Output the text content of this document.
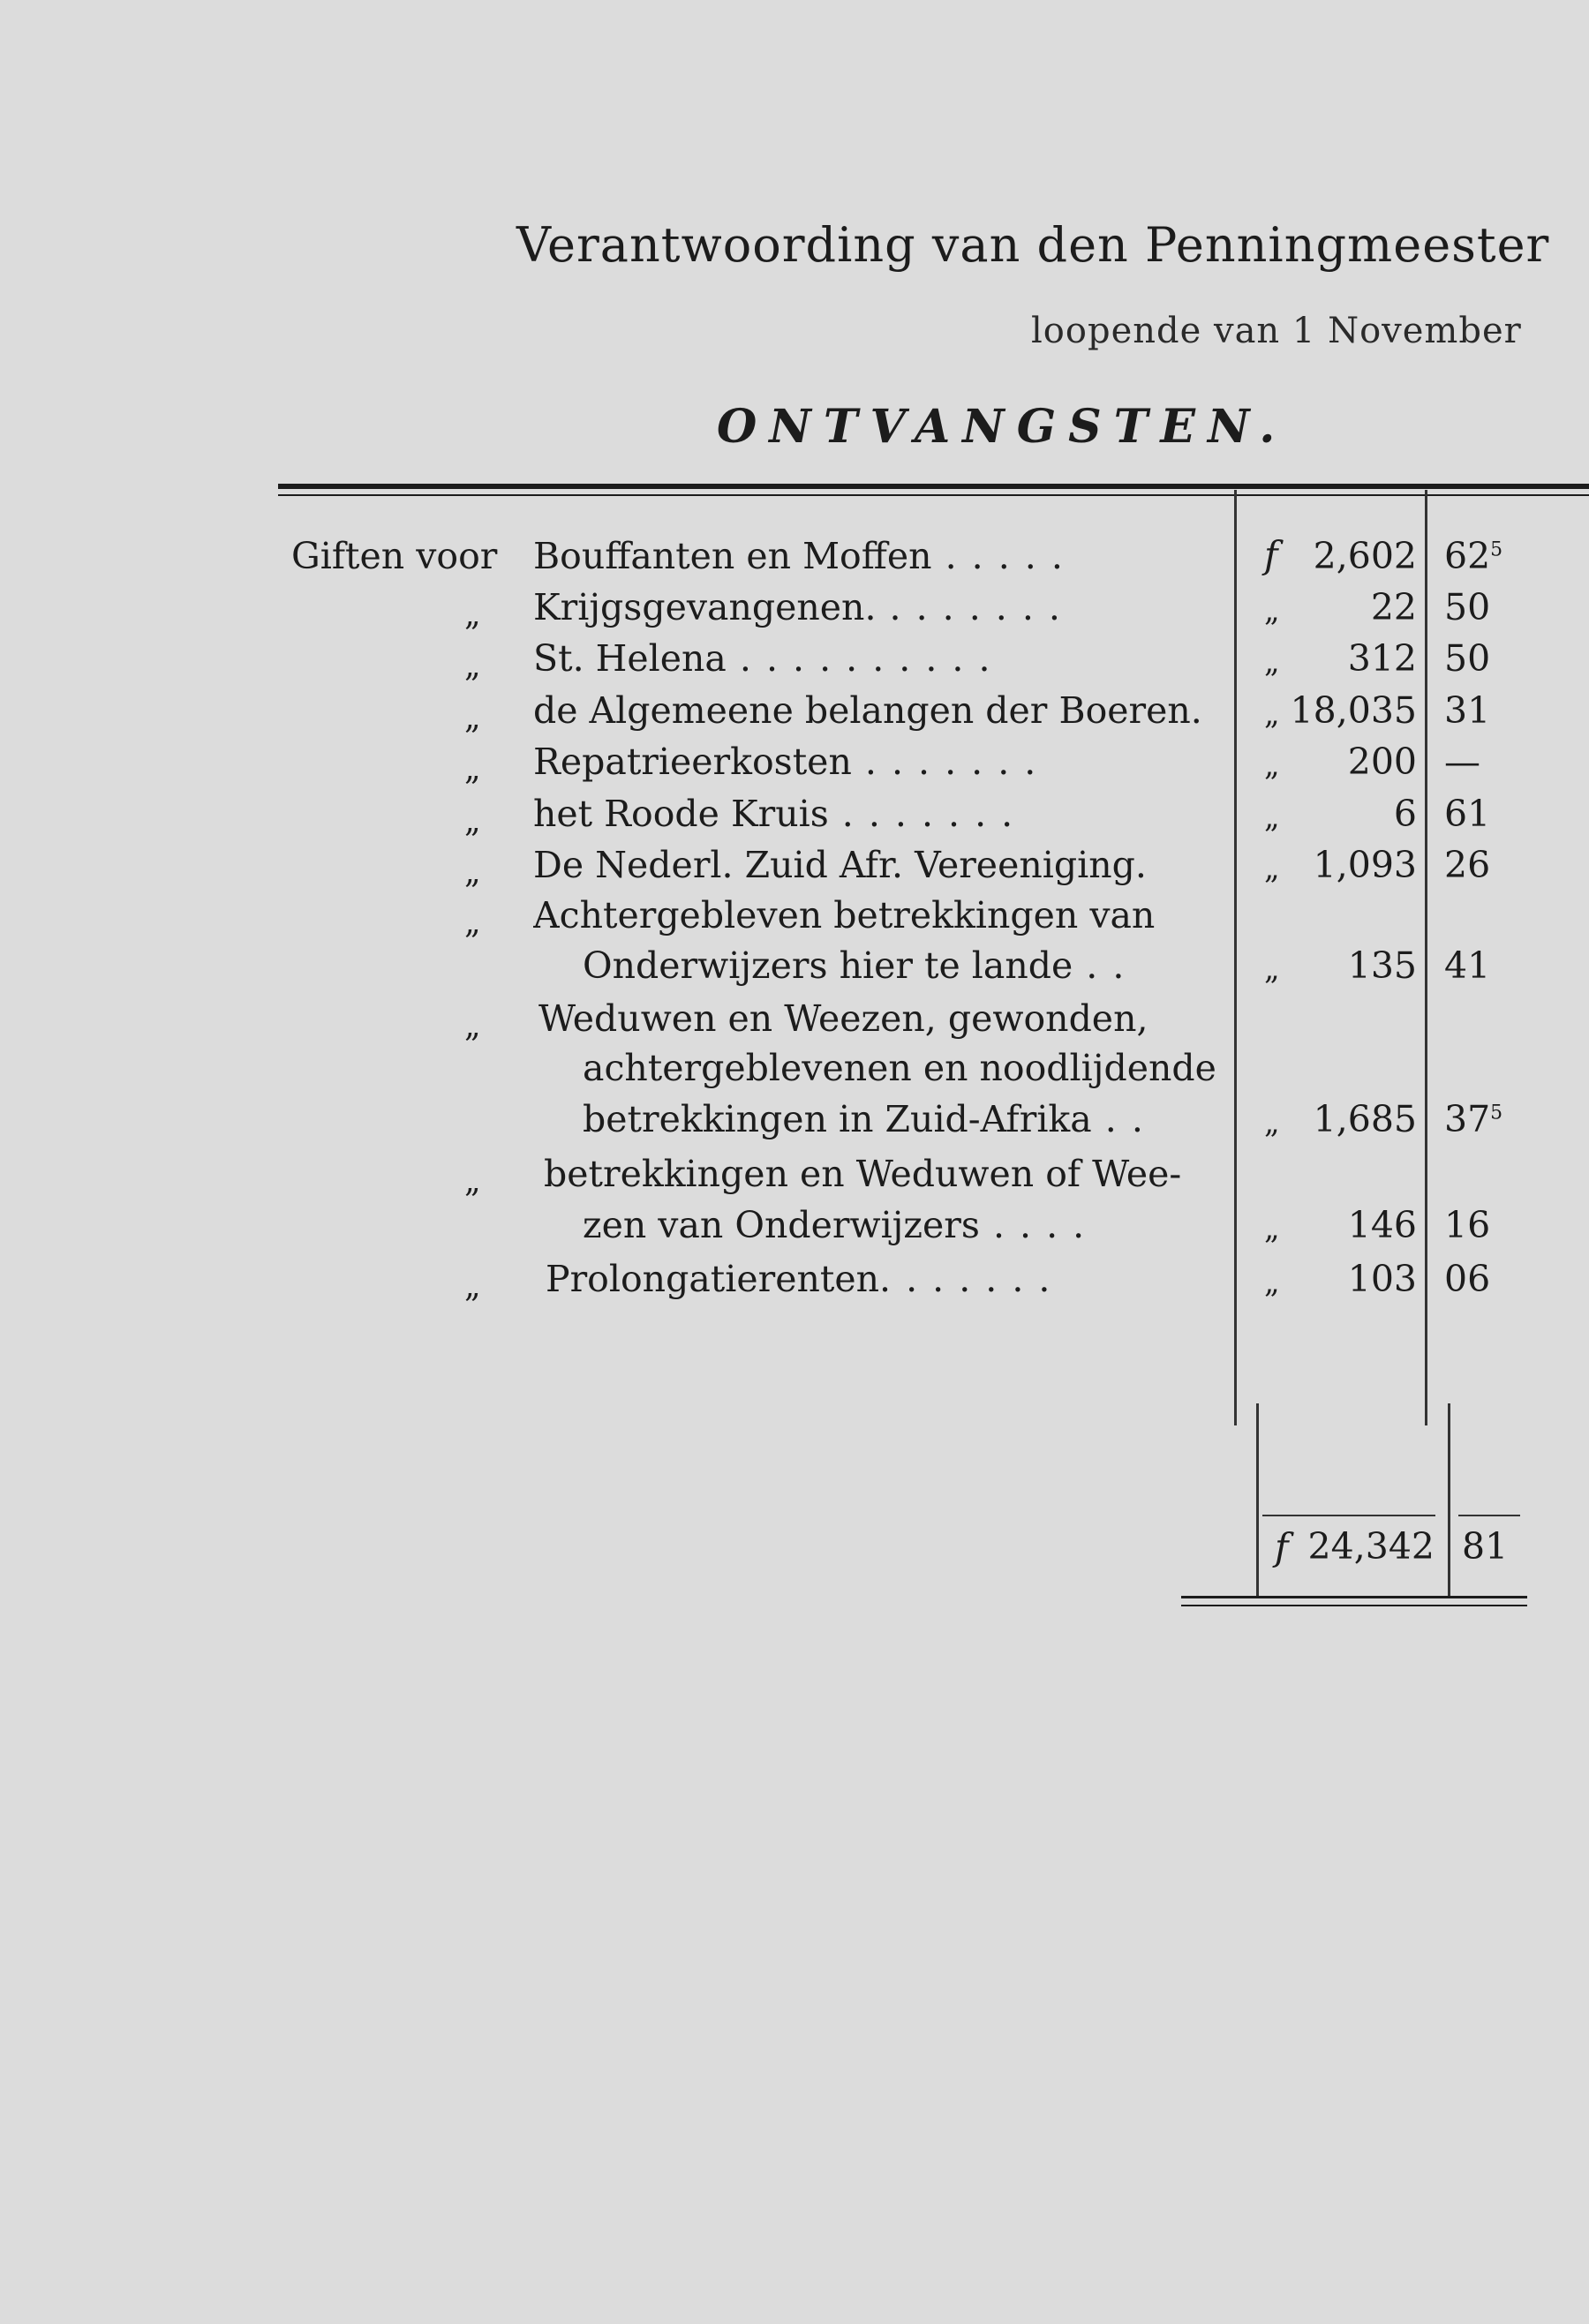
Verantwoording van den Penningmeester
loopende van 1 November
ONTVANGSTEN.
Giften voor Bouffanten en Moffen . . . . .	f 2,602 $62^5$
„ Krijgsgevangenen. . . . . . . .	„	22 50
„ St. Helena . . . . . . . . . .	„ 312 50
„ de Algemeene belangen der Boeren.	„ 18,035 31
„ Repatrieerkosten . . . . . . .	„ 200 —
„ het Roode Kruis . . . . . . .	„	6 61
„ De Nederl. Zuid Afr. Vereeniging.	„ 1,093 26
„ Achtergebleven betrekkingen van
Onderwijzers hier te lande . .	„ 135 41
„ Weduwen en Weezen, gewonden,
achtergeblevenen en noodlijdende
betrekkingen in Zuid-Afrika . .	„ 1,685 $37^5$
„ betrekkingen en Weduwen of Wee-
zen van Onderwijzers . . . .	„ 146 16
„ Prolongatierenten. . . . . . .	„ 103 06
f 24,342 81
